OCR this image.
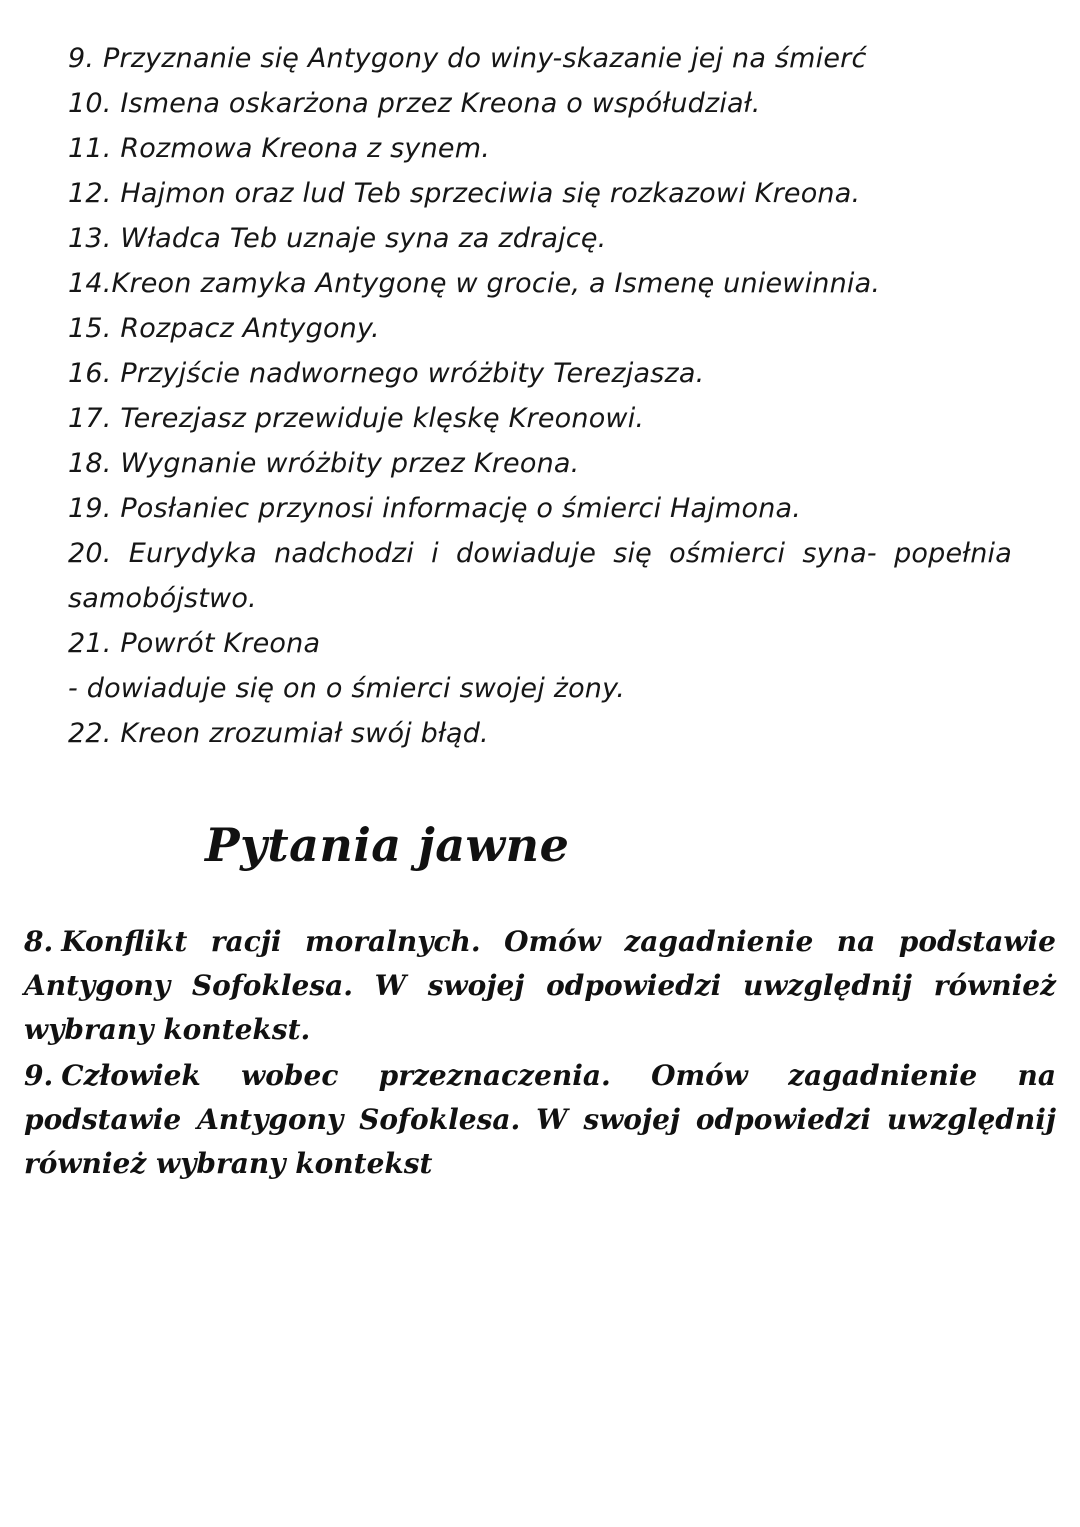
9. Przyznanie się Antygony do winy-skazanie jej na śmierć

10. Ismena oskarżona przez Kreona o współudział.

11. Rozmowa Kreona z synem.

12. Hajmon oraz lud Teb sprzeciwia się rozkazowi Kreona.

13. Władca Teb uznaje syna za zdrajcę.

14.Kreon zamyka Antygonę w grocie, a Ismenę uniewinnia.

15. Rozpacz Antygony.

16. Przyjście nadwornego wróżbity Terezjasza.

17. Terezjasz przewiduje klęskę Kreonowi.

18. Wygnanie wróżbity przez Kreona.

19. Posłaniec przynosi informację o śmierci Hajmona.

20. Eurydyka nadchodzi i dowiaduje się ośmierci syna- popełnia samobójstwo.

21. Powrót Kreona

- dowiaduje się on o śmierci swojej żony.

22. Kreon zrozumiał swój błąd.

Pytania jawne

8. Konflikt racji moralnych. Omów zagadnienie na podstawie Antygony Sofoklesa. W swojej odpowiedzi uwzględnij również wybrany kontekst.

9. Człowiek wobec przeznaczenia. Omów zagadnienie na podstawie Antygony Sofoklesa. W swojej odpowiedzi uwzględnij również wybrany kontekst
